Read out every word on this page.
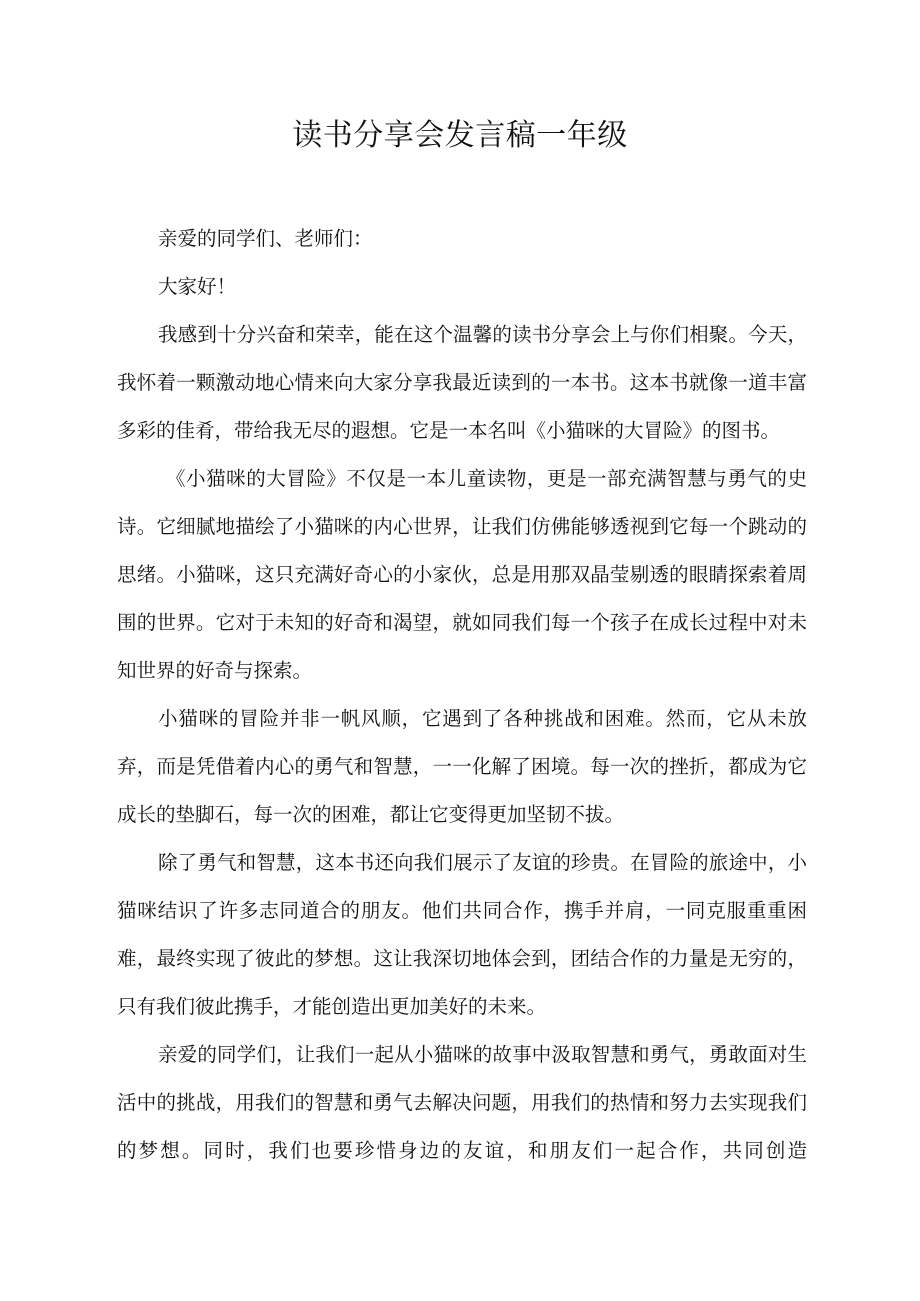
读书分享会发言稿一年级

亲爱的同学们、老师们：

大家好！

我感到十分兴奋和荣幸，能在这个温馨的读书分享会上与你们相聚。今天，我怀着一颗激动地心情来向大家分享我最近读到的一本书。这本书就像一道丰富多彩的佳肴，带给我无尽的遐想。它是一本名叫《小猫咪的大冒险》的图书。

《小猫咪的大冒险》不仅是一本儿童读物，更是一部充满智慧与勇气的史诗。它细腻地描绘了小猫咪的内心世界，让我们仿佛能够透视到它每一个跳动的思绪。小猫咪，这只充满好奇心的小家伙，总是用那双晶莹剔透的眼睛探索着周围的世界。它对于未知的好奇和渴望，就如同我们每一个孩子在成长过程中对未知世界的好奇与探索。

小猫咪的冒险并非一帆风顺，它遇到了各种挑战和困难。然而，它从未放弃，而是凭借着内心的勇气和智慧，一一化解了困境。每一次的挫折，都成为它成长的垫脚石，每一次的困难，都让它变得更加坚韧不拔。

除了勇气和智慧，这本书还向我们展示了友谊的珍贵。在冒险的旅途中，小猫咪结识了许多志同道合的朋友。他们共同合作，携手并肩，一同克服重重困难，最终实现了彼此的梦想。这让我深切地体会到，团结合作的力量是无穷的，只有我们彼此携手，才能创造出更加美好的未来。

亲爱的同学们，让我们一起从小猫咪的故事中汲取智慧和勇气，勇敢面对生活中的挑战，用我们的智慧和勇气去解决问题，用我们的热情和努力去实现我们的梦想。同时，我们也要珍惜身边的友谊，和朋友们一起合作，共同创造
